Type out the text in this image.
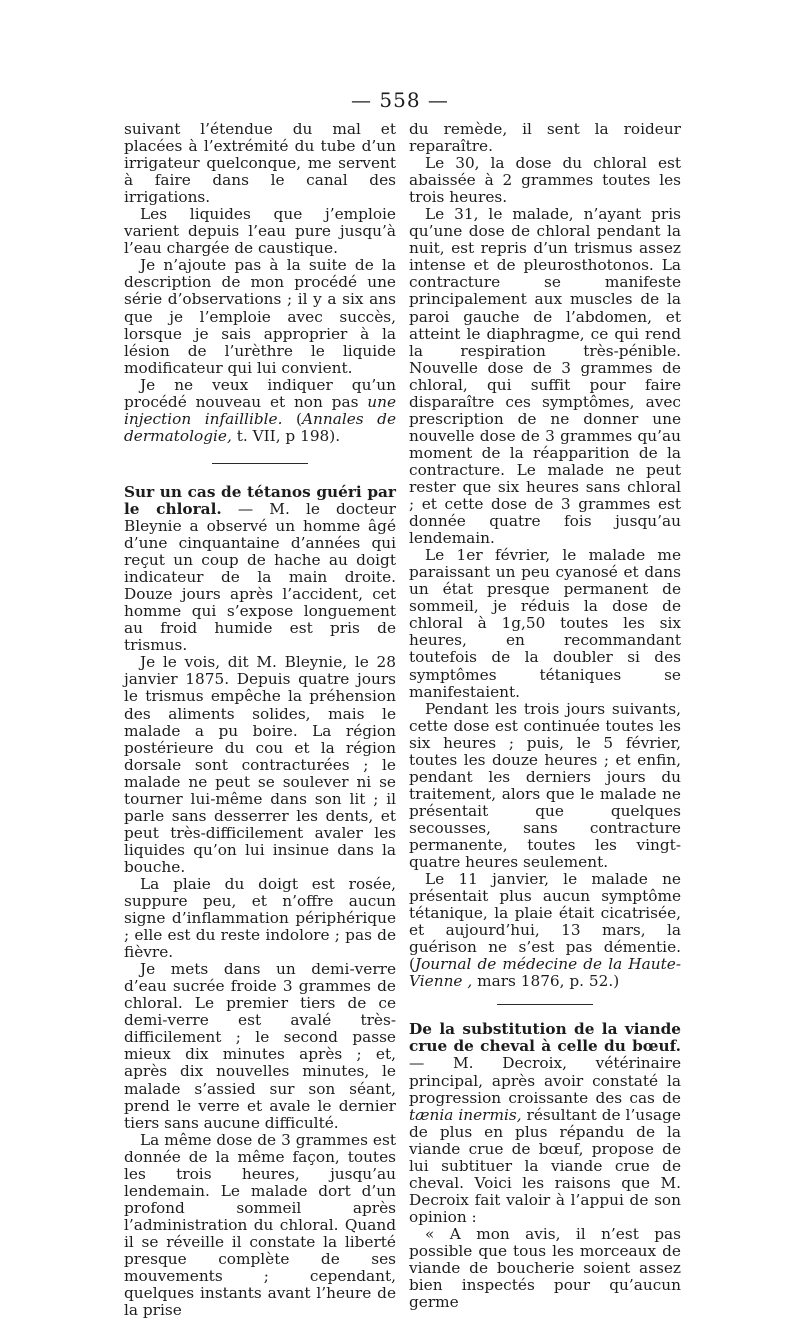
— 558 —

suivant l’étendue du mal et placées à l’extrémité du tube d’un irrigateur quelconque, me servent à faire dans le canal des irrigations.

Les liquides que j’emploie varient depuis l’eau pure jusqu’à l’eau chargée de caustique.

Je n’ajoute pas à la suite de la description de mon procédé une série d’observations ; il y a six ans que je l’emploie avec succès, lorsque je sais approprier à la lésion de l’urèthre le liquide modificateur qui lui convient.

Je ne veux indiquer qu’un procédé nouveau et non pas une injection infaillible. (Annales de dermatologie, t. VII, p 198).

Sur un cas de tétanos guéri par le chloral. — M. le docteur Bleynie a observé un homme âgé d’une cinquantaine d’années qui reçut un coup de hache au doigt indicateur de la main droite. Douze jours après l’accident, cet homme qui s’expose longuement au froid humide est pris de trismus.

Je le vois, dit M. Bleynie, le 28 janvier 1875. Depuis quatre jours le trismus empêche la préhension des aliments solides, mais le malade a pu boire. La région postérieure du cou et la région dorsale sont contracturées ; le malade ne peut se soulever ni se tourner lui-même dans son lit ; il parle sans desserrer les dents, et peut très-difficilement avaler les liquides qu’on lui insinue dans la bouche.

La plaie du doigt est rosée, suppure peu, et n’offre aucun signe d’inflammation périphérique ; elle est du reste indolore ; pas de fièvre.

Je mets dans un demi-verre d’eau sucrée froide 3 grammes de chloral. Le premier tiers de ce demi-verre est avalé très-difficilement ; le second passe mieux dix minutes après ; et, après dix nouvelles minutes, le malade s’assied sur son séant, prend le verre et avale le dernier tiers sans aucune difficulté.

La même dose de 3 grammes est donnée de la même façon, toutes les trois heures, jusqu’au lendemain. Le malade dort d’un profond sommeil après l’administration du chloral. Quand il se réveille il constate la liberté presque complète de ses mouvements ; cependant, quelques instants avant l’heure de la prise

du remède, il sent la roideur reparaître.

Le 30, la dose du chloral est abaissée à 2 grammes toutes les trois heures.

Le 31, le malade, n’ayant pris qu’une dose de chloral pendant la nuit, est repris d’un trismus assez intense et de pleurosthotonos. La contracture se manifeste principalement aux muscles de la paroi gauche de l’abdomen, et atteint le diaphragme, ce qui rend la respiration très-pénible. Nouvelle dose de 3 grammes de chloral, qui suffit pour faire disparaître ces symptômes, avec prescription de ne donner une nouvelle dose de 3 grammes qu’au moment de la réapparition de la contracture. Le malade ne peut rester que six heures sans chloral ; et cette dose de 3 grammes est donnée quatre fois jusqu’au lendemain.

Le 1er février, le malade me paraissant un peu cyanosé et dans un état presque permanent de sommeil, je réduis la dose de chloral à 1g,50 toutes les six heures, en recommandant toutefois de la doubler si des symptômes tétaniques se manifestaient.

Pendant les trois jours suivants, cette dose est continuée toutes les six heures ; puis, le 5 février, toutes les douze heures ; et enfin, pendant les derniers jours du traitement, alors que le malade ne présentait que quelques secousses, sans contracture permanente, toutes les vingt-quatre heures seulement.

Le 11 janvier, le malade ne présentait plus aucun symptôme tétanique, la plaie était cicatrisée, et aujourd’hui, 13 mars, la guérison ne s’est pas démentie. (Journal de médecine de la Haute-Vienne , mars 1876, p. 52.)

De la substitution de la viande crue de cheval à celle du bœuf. — M. Decroix, vétérinaire principal, après avoir constaté la progression croissante des cas de tænia inermis, résultant de l’usage de plus en plus répandu de la viande crue de bœuf, propose de lui subtituer la viande crue de cheval. Voici les raisons que M. Decroix fait valoir à l’appui de son opinion :

« A mon avis, il n’est pas possible que tous les morceaux de viande de boucherie soient assez bien inspectés pour qu’aucun germe
